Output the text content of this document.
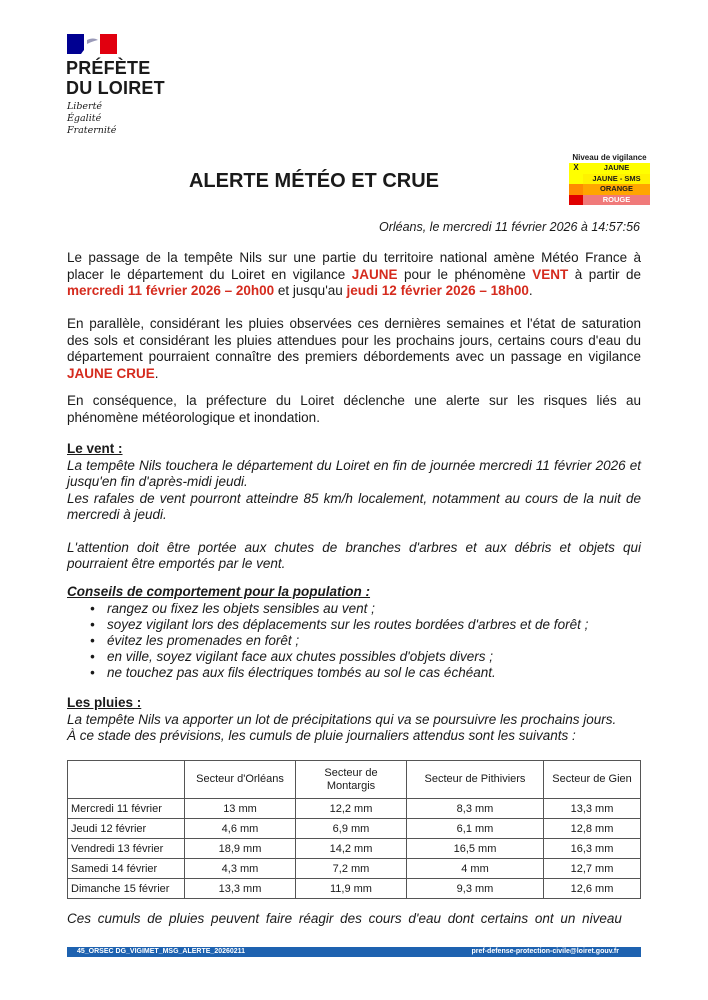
PRÉFÈTE
DU LOIRET
Liberté
Égalité
Fraternité
Niveau de vigilance
X	JAUNE
JAUNE - SMS
ORANGE
ROUGE
ALERTE MÉTÉO ET CRUE
Orléans, le mercredi 11 février 2026 à 14:57:56
Le passage de la tempête Nils sur une partie du territoire national amène Météo France à placer le département du Loiret en vigilance JAUNE pour le phénomène VENT à partir de mercredi 11 février 2026 – 20h00 et jusqu'au jeudi 12 février 2026 – 18h00.
En parallèle, considérant les pluies observées ces dernières semaines et l'état de saturation des sols et considérant les pluies attendues pour les prochains jours, certains cours d'eau du département pourraient connaître des premiers débordements avec un passage en vigilance JAUNE CRUE.
En conséquence, la préfecture du Loiret déclenche une alerte sur les risques liés au phénomène météorologique et inondation.
Le vent :

La tempête Nils touchera le département du Loiret en fin de journée mercredi 11 février 2026 et jusqu'en fin d'après-midi jeudi.

Les rafales de vent pourront atteindre 85 km/h localement, notamment au cours de la nuit de mercredi à jeudi.

L'attention doit être portée aux chutes de branches d'arbres et aux débris et objets qui pourraient être emportés par le vent.

Conseils de comportement pour la population :
• rangez ou fixez les objets sensibles au vent ;
• soyez vigilant lors des déplacements sur les routes bordées d'arbres et de forêt ;
• évitez les promenades en forêt ;
• en ville, soyez vigilant face aux chutes possibles d'objets divers ;
• ne touchez pas aux fils électriques tombés au sol le cas échéant.
Les pluies :

La tempête Nils va apporter un lot de précipitations qui va se poursuivre les prochains jours.

À ce stade des prévisions, les cumuls de pluie journaliers attendus sont les suivants :

	Secteur d'Orléans	Secteur de Montargis	Secteur de Pithiviers	Secteur de Gien
Mercredi 11 février	13 mm	12,2 mm	8,3 mm	13,3 mm
Jeudi 12 février	4,6 mm	6,9 mm	6,1 mm	12,8 mm
Vendredi 13 février	18,9 mm	14,2 mm	16,5 mm	16,3 mm
Samedi 14 février	4,3 mm	7,2 mm	4 mm	12,7 mm
Dimanche 15 février	13,3 mm	11,9 mm	9,3 mm	12,6 mm
Ces cumuls de pluies peuvent faire réagir des cours d'eau dont certains ont un niveau
45_ORSEC DG_VIGIMET_MSG_ALERTE_20260211	pref-defense-protection-civile@loiret.gouv.fr
